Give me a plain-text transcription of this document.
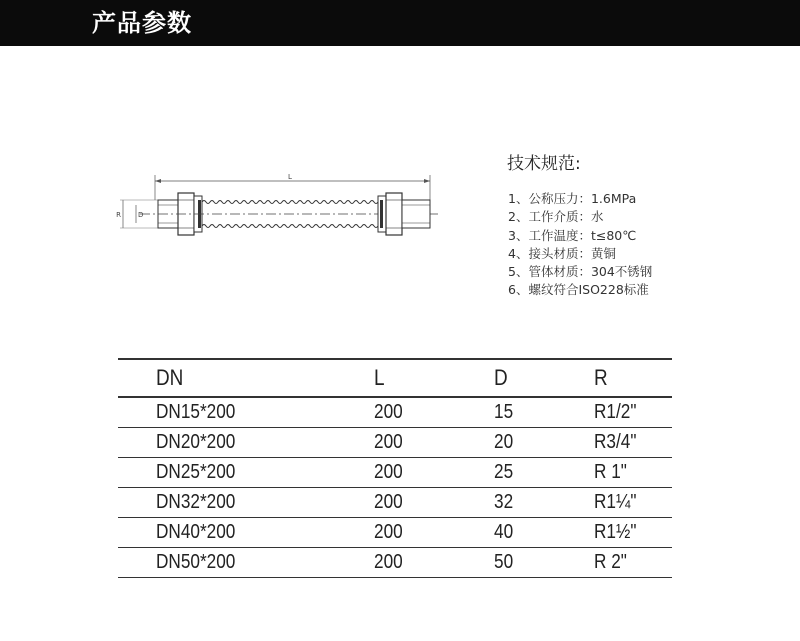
产品参数
L
R D
技术规范:
1、公称压力：1.6MPa
2、工作介质：水
3、工作温度：t≤80℃
4、接头材质：黄铜
5、管体材质：304不锈钢
6、螺纹符合ISO228标准
DN	L	D	R
DN15*200	200	15	R1/2"
DN20*200	200	20	R3/4"
DN25*200	200	25	R 1"
DN32*200	200	32	R1¼"
DN40*200	200	40	R1½"
DN50*200	200	50	R 2"
